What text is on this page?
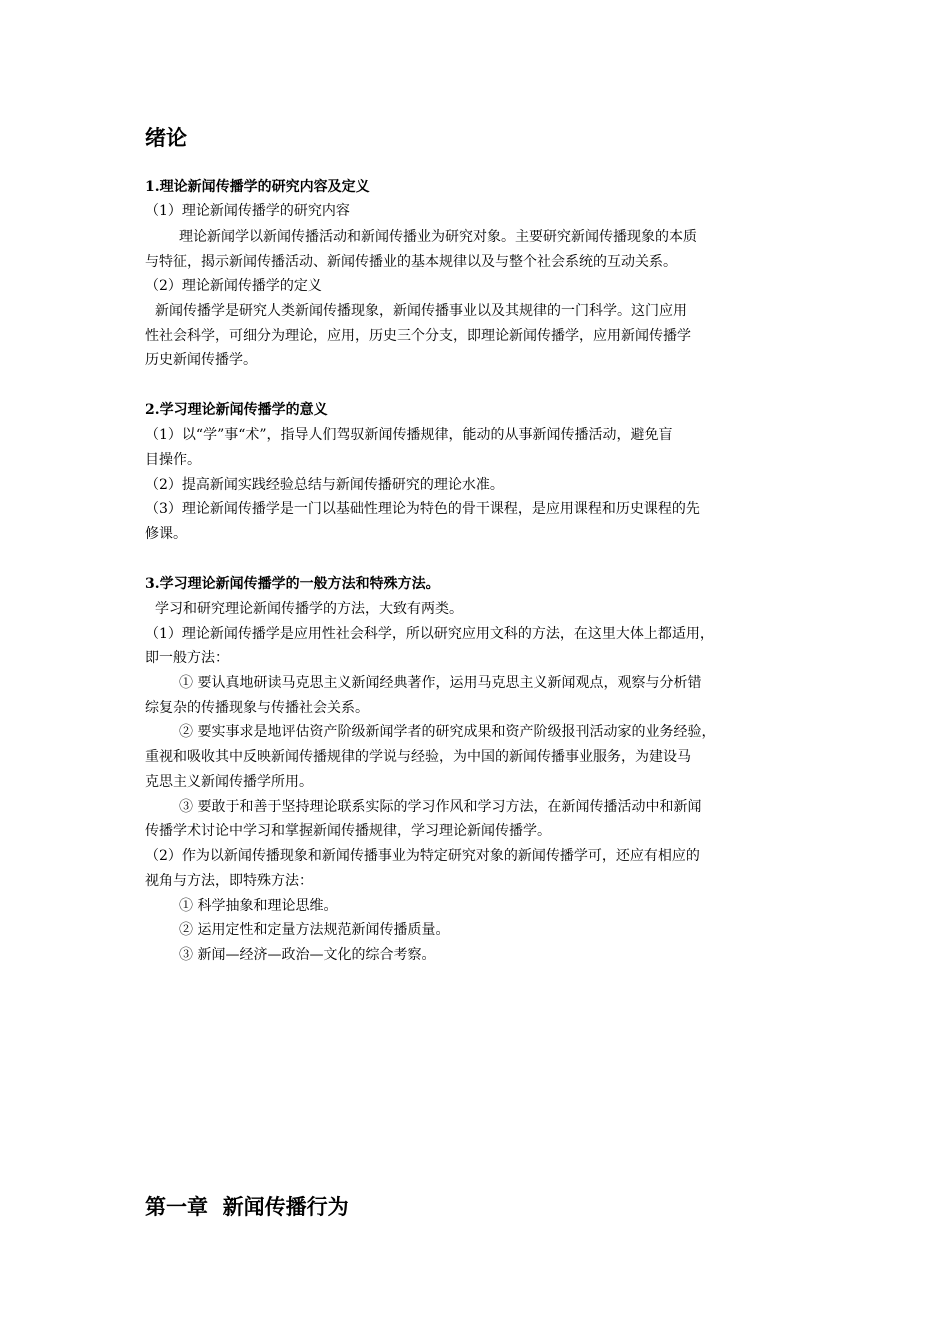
绪论
1.理论新闻传播学的研究内容及定义
（1）理论新闻传播学的研究内容
理论新闻学以新闻传播活动和新闻传播业为研究对象。主要研究新闻传播现象的本质
与特征，揭示新闻传播活动、新闻传播业的基本规律以及与整个社会系统的互动关系。
（2）理论新闻传播学的定义
新闻传播学是研究人类新闻传播现象，新闻传播事业以及其规律的一门科学。这门应用
性社会科学，可细分为理论，应用，历史三个分支，即理论新闻传播学，应用新闻传播学
历史新闻传播学。
2.学习理论新闻传播学的意义
（1）以“学”事“术”，指导人们驾驭新闻传播规律，能动的从事新闻传播活动，避免盲
目操作。
（2）提高新闻实践经验总结与新闻传播研究的理论水准。
（3）理论新闻传播学是一门以基础性理论为特色的骨干课程，是应用课程和历史课程的先
修课。
3.学习理论新闻传播学的一般方法和特殊方法。
学习和研究理论新闻传播学的方法，大致有两类。
（1）理论新闻传播学是应用性社会科学，所以研究应用文科的方法，在这里大体上都适用，
即一般方法：
① 要认真地研读马克思主义新闻经典著作，运用马克思主义新闻观点，观察与分析错
综复杂的传播现象与传播社会关系。
② 要实事求是地评估资产阶级新闻学者的研究成果和资产阶级报刊活动家的业务经验，
重视和吸收其中反映新闻传播规律的学说与经验，为中国的新闻传播事业服务，为建设马
克思主义新闻传播学所用。
③ 要敢于和善于坚持理论联系实际的学习作风和学习方法，在新闻传播活动中和新闻
传播学术讨论中学习和掌握新闻传播规律，学习理论新闻传播学。
（2）作为以新闻传播现象和新闻传播事业为特定研究对象的新闻传播学可，还应有相应的
视角与方法，即特殊方法：
① 科学抽象和理论思维。
② 运用定性和定量方法规范新闻传播质量。
③ 新闻—经济—政治—文化的综合考察。
第一章  新闻传播行为
